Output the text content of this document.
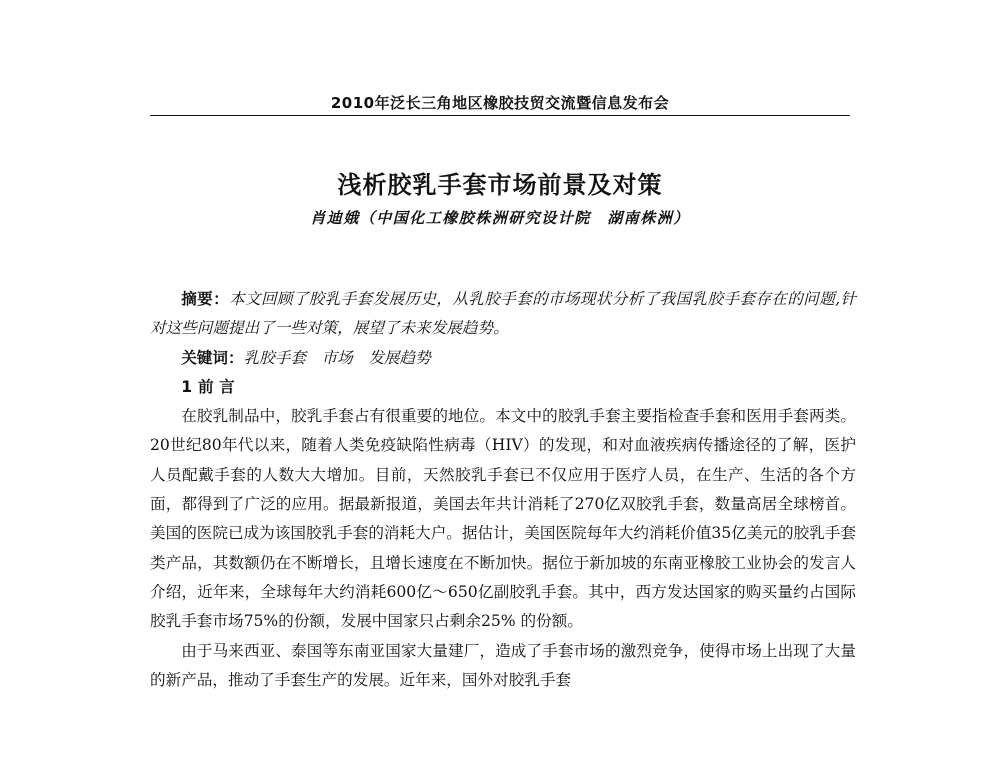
2010年泛长三角地区橡胶技贸交流暨信息发布会
浅析胶乳手套市场前景及对策
肖迪娥（中国化工橡胶株洲研究设计院　湖南株洲）

摘要：本文回顾了胶乳手套发展历史，从乳胶手套的市场现状分析了我国乳胶手套存在的问题,针对这些问题提出了一些对策，展望了未来发展趋势。

关键词：乳胶手套　市场　发展趋势

1 前 言

在胶乳制品中，胶乳手套占有很重要的地位。本文中的胶乳手套主要指检查手套和医用手套两类。20世纪80年代以来，随着人类免疫缺陷性病毒（HIV）的发现，和对血液疾病传播途径的了解，医护人员配戴手套的人数大大增加。目前，天然胶乳手套已不仅应用于医疗人员，在生产、生活的各个方面，都得到了广泛的应用。据最新报道，美国去年共计消耗了270亿双胶乳手套，数量高居全球榜首。美国的医院已成为该国胶乳手套的消耗大户。据估计，美国医院每年大约消耗价值35亿美元的胶乳手套类产品，其数额仍在不断增长，且增长速度在不断加快。据位于新加坡的东南亚橡胶工业协会的发言人介绍，近年来，全球每年大约消耗600亿～650亿副胶乳手套。其中，西方发达国家的购买量约占国际胶乳手套市场75%的份额，发展中国家只占剩余25% 的份额。

由于马来西亚、泰国等东南亚国家大量建厂，造成了手套市场的激烈竞争，使得市场上出现了大量的新产品，推动了手套生产的发展。近年来，国外对胶乳手套
